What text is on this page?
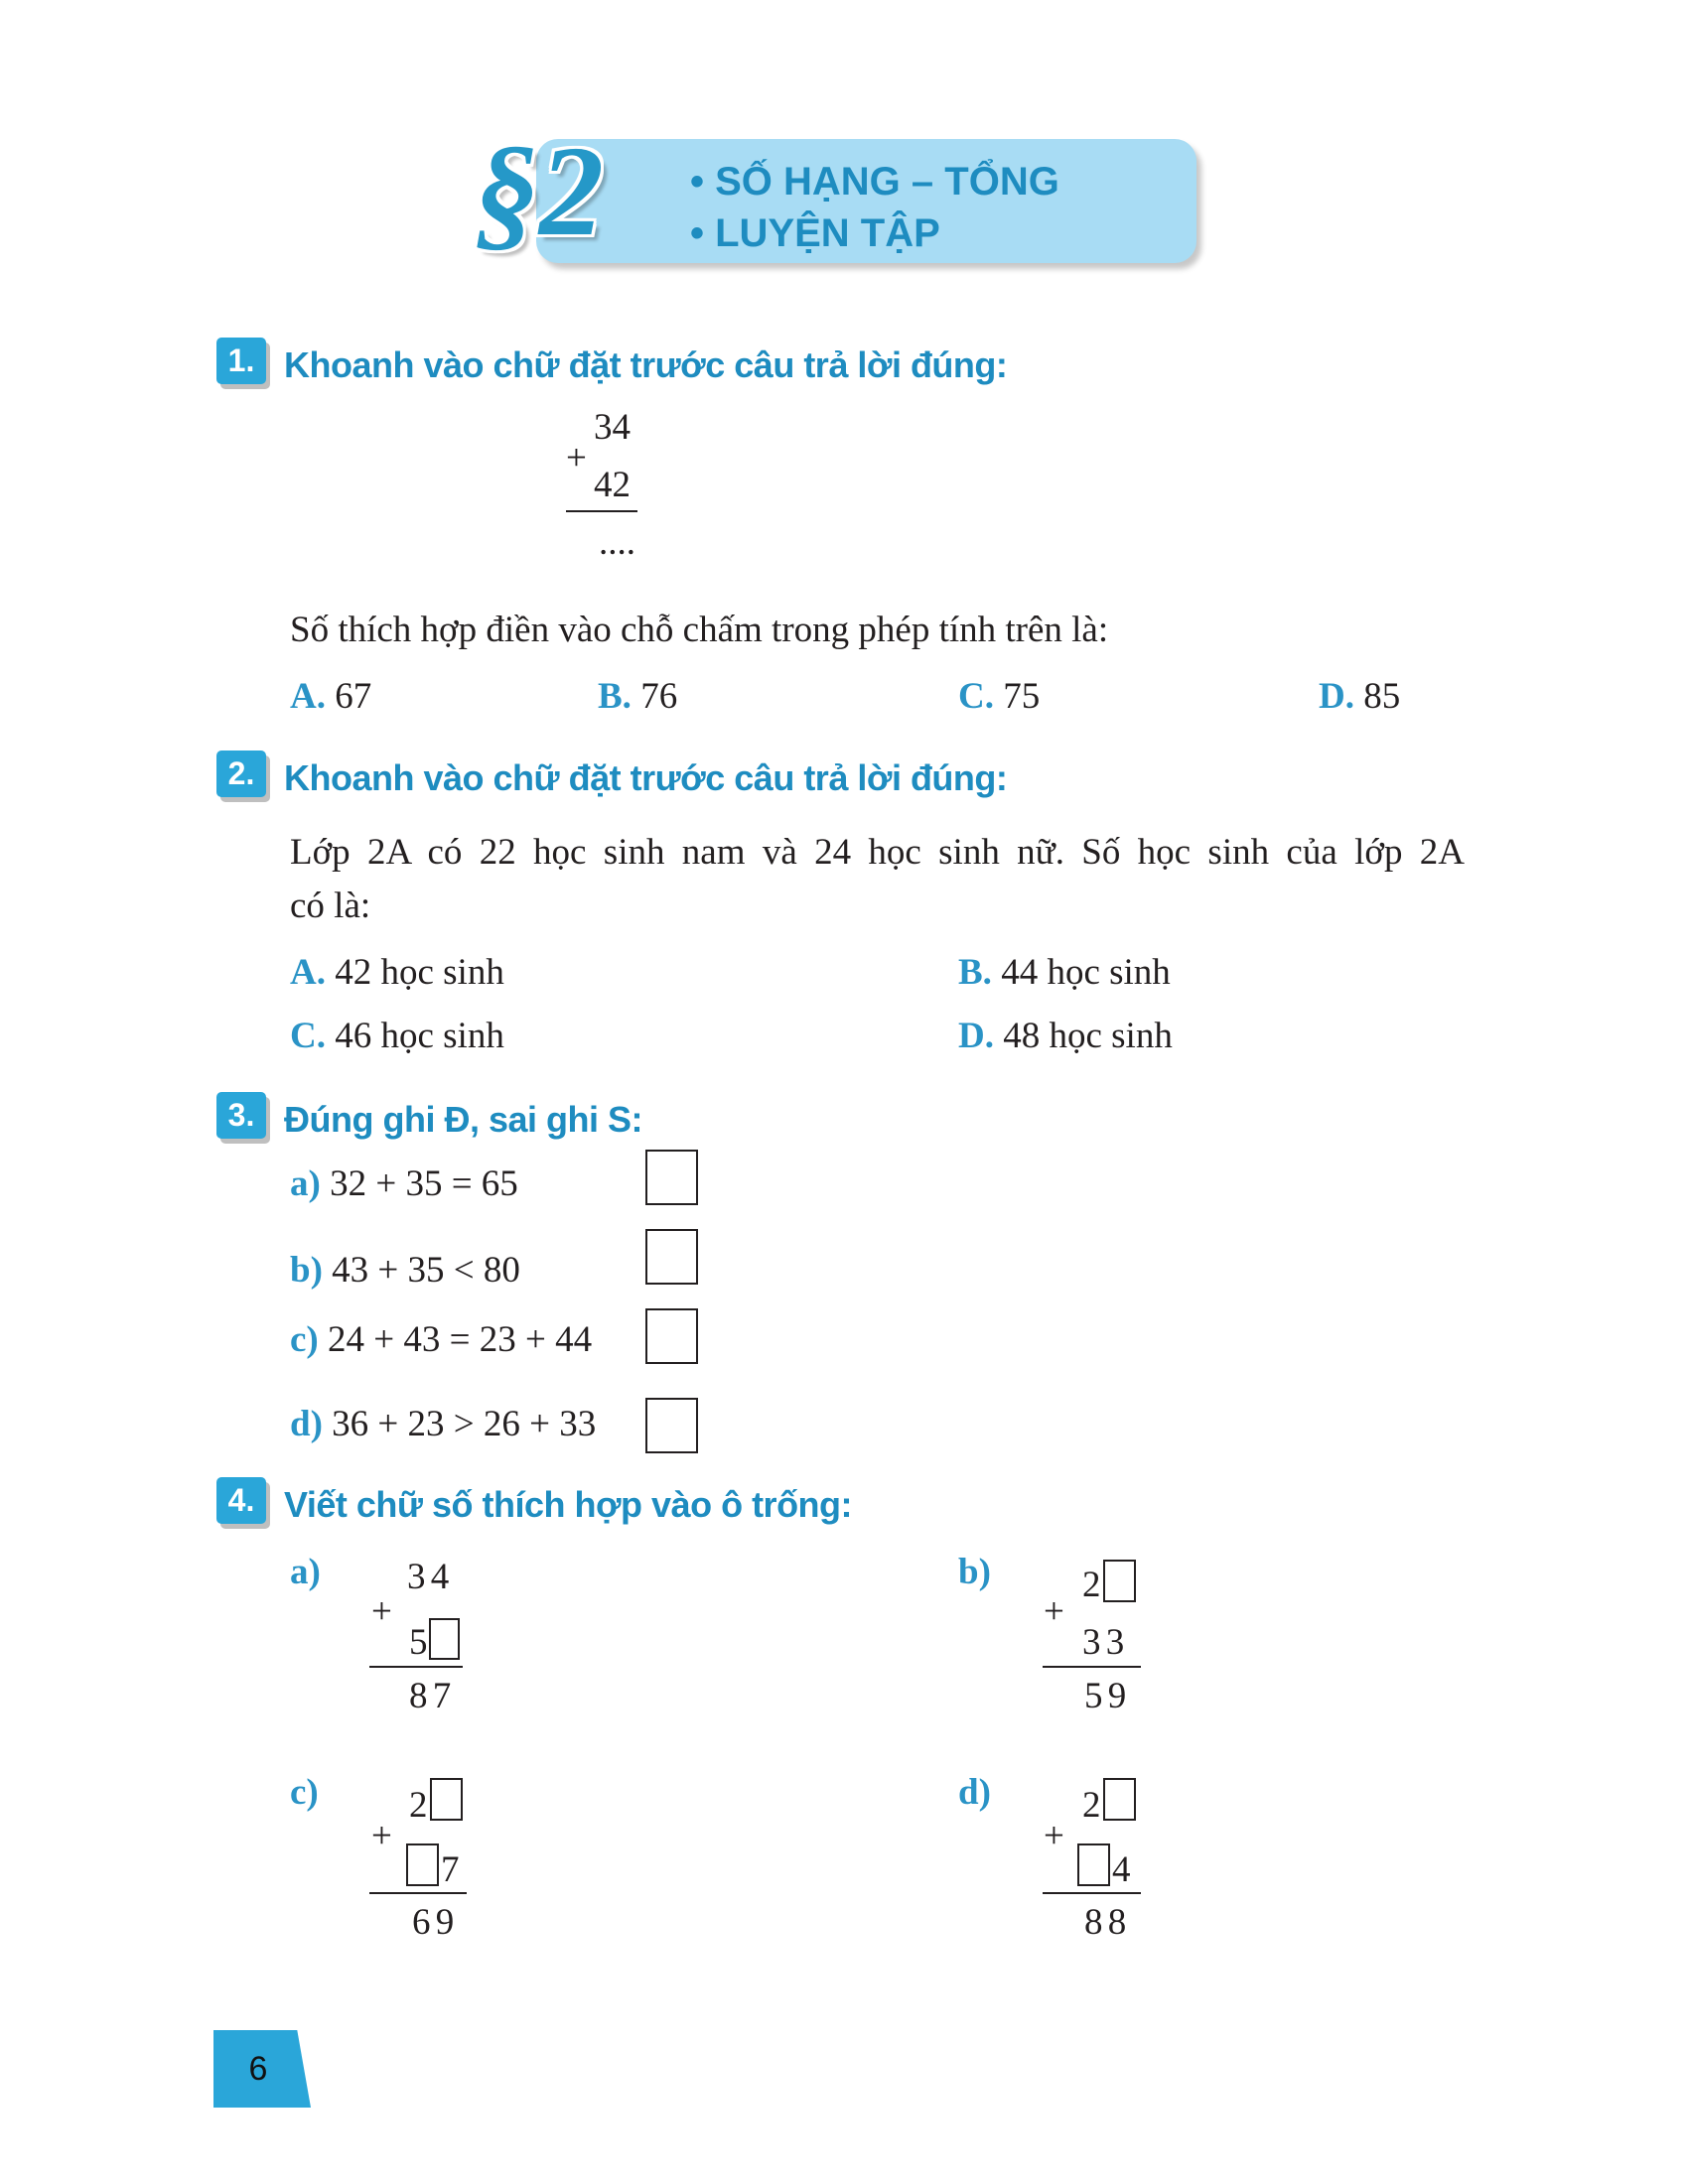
§2 • SỐ HẠNG – TỔNG
• LUYỆN TẬP
1. Khoanh vào chữ đặt trước câu trả lời đúng:
34
+
42
....
Số thích hợp điền vào chỗ chấm trong phép tính trên là:
A. 67	B. 76	C. 75	D. 85
2. Khoanh vào chữ đặt trước câu trả lời đúng:
Lớp 2A có 22 học sinh nam và 24 học sinh nữ. Số học sinh của lớp 2A
có là:
A. 42 học sinh	B. 44 học sinh
C. 46 học sinh	D. 48 học sinh
3. Đúng ghi Đ, sai ghi S:
a) 32 + 35 = 65
b) 43 + 35 < 80
c) 24 + 43 = 23 + 44
d) 36 + 23 > 26 + 33
4. Viết chữ số thích hợp vào ô trống:
a) 3 4
+
5
8 7
b) 2
+
3 3
5 9
c) 2
+
7
6 9
d) 2
+
4
8 8
6
